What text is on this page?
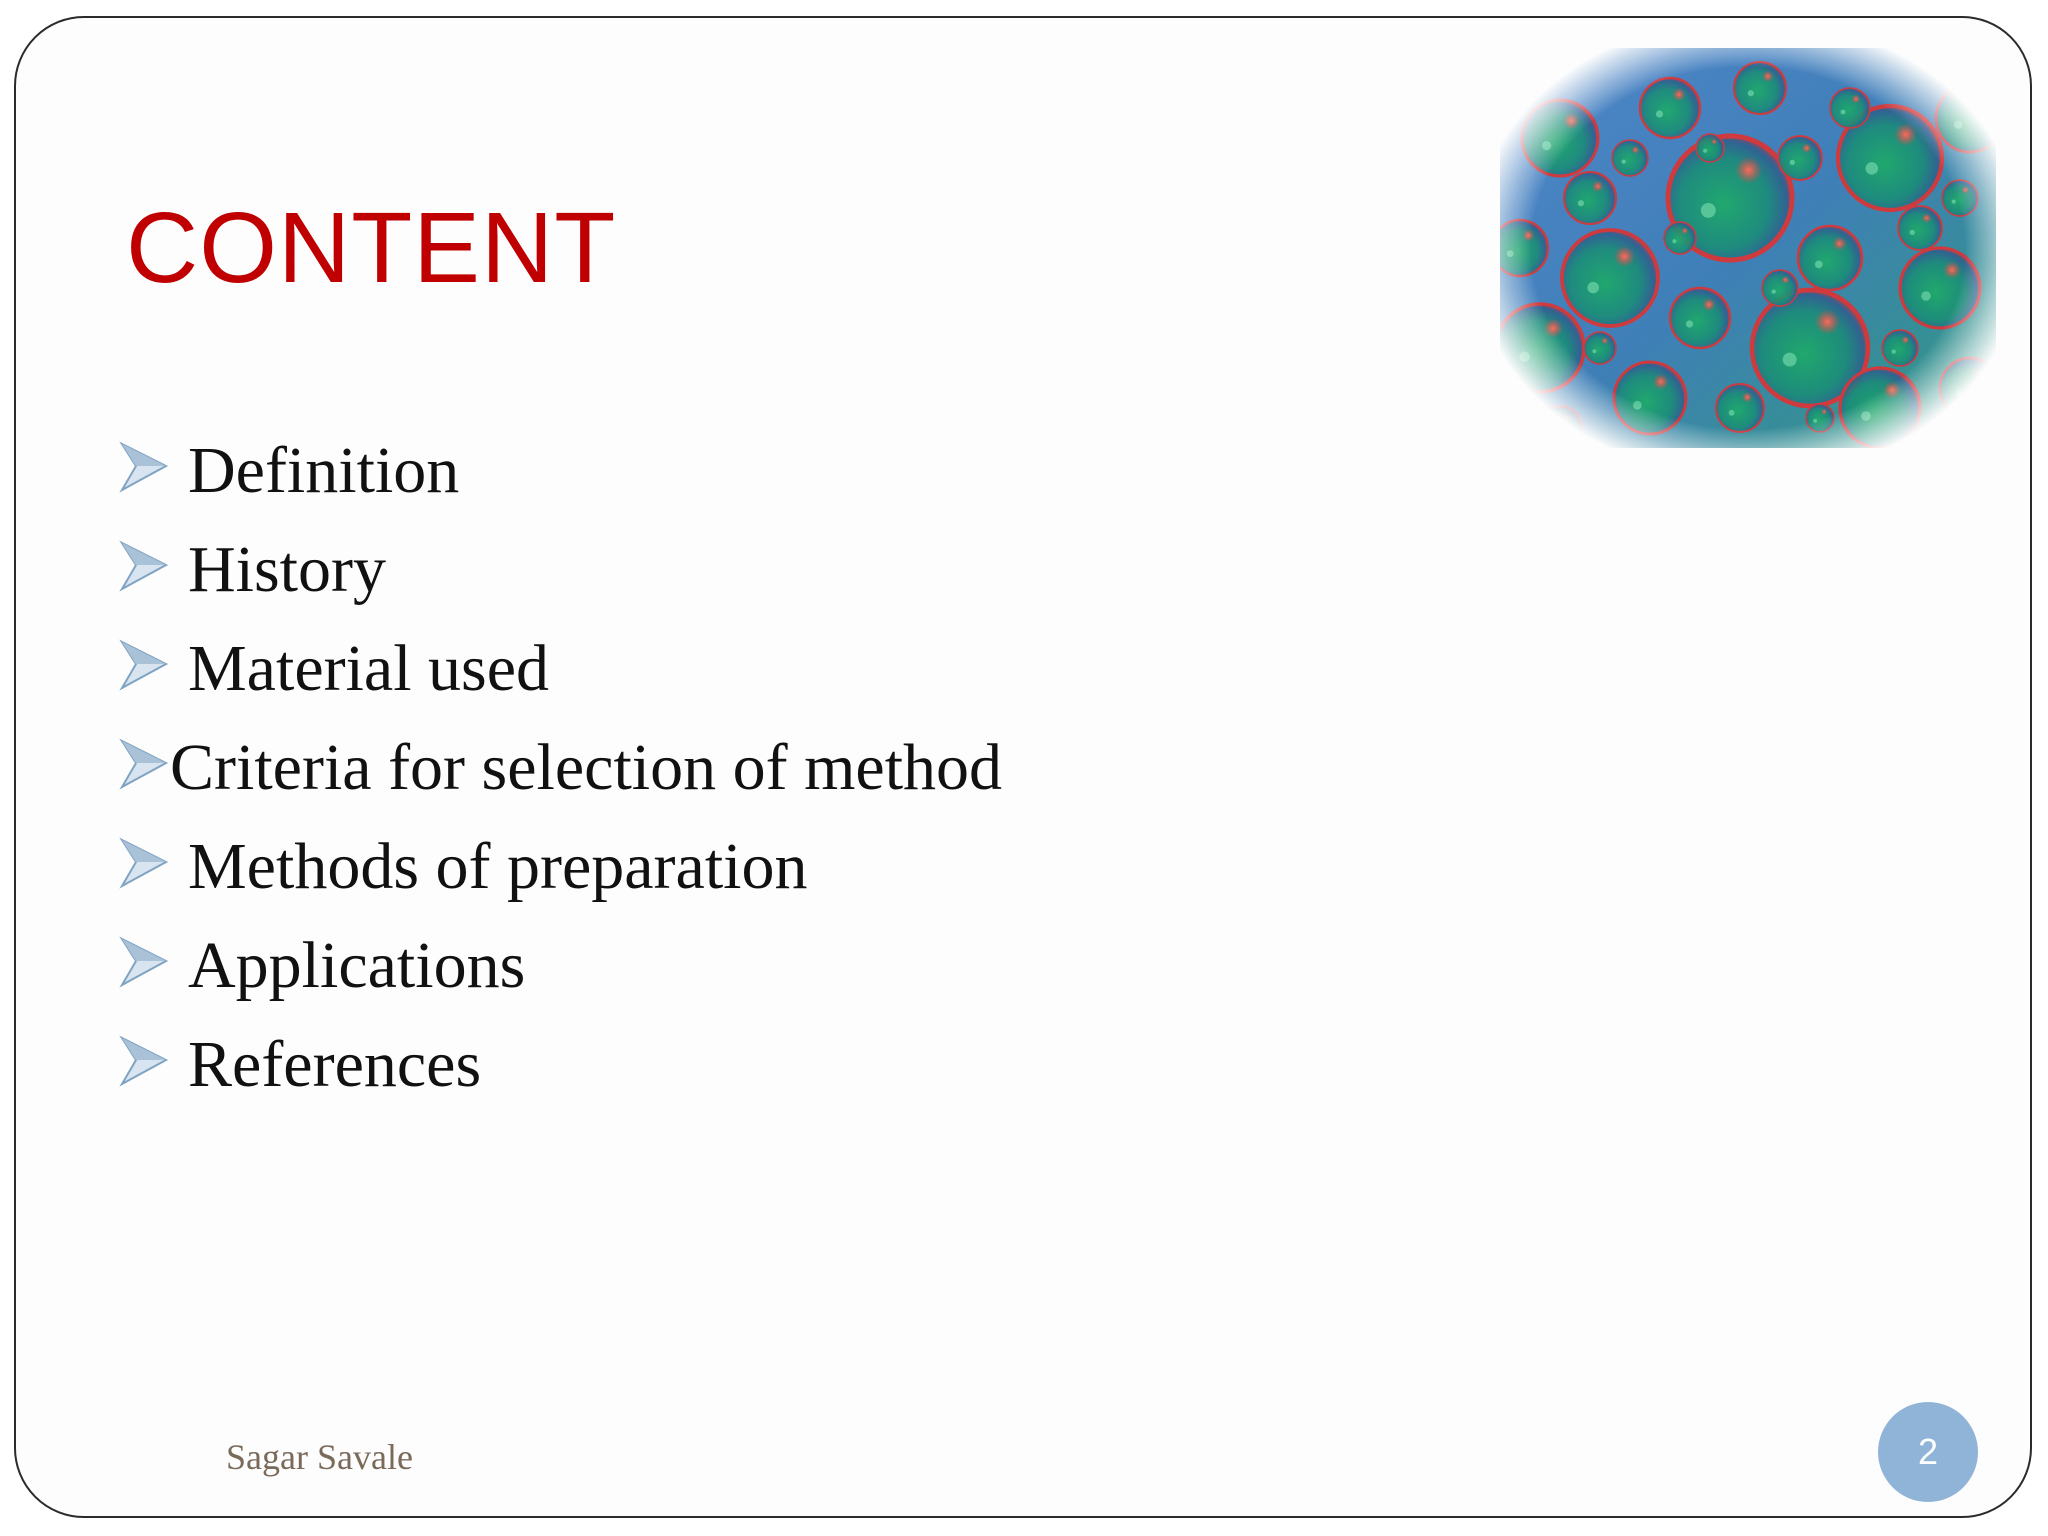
CONTENT
Definition
History
Material used
Criteria for selection of method
Methods of preparation
Applications
References
Sagar Savale	2
